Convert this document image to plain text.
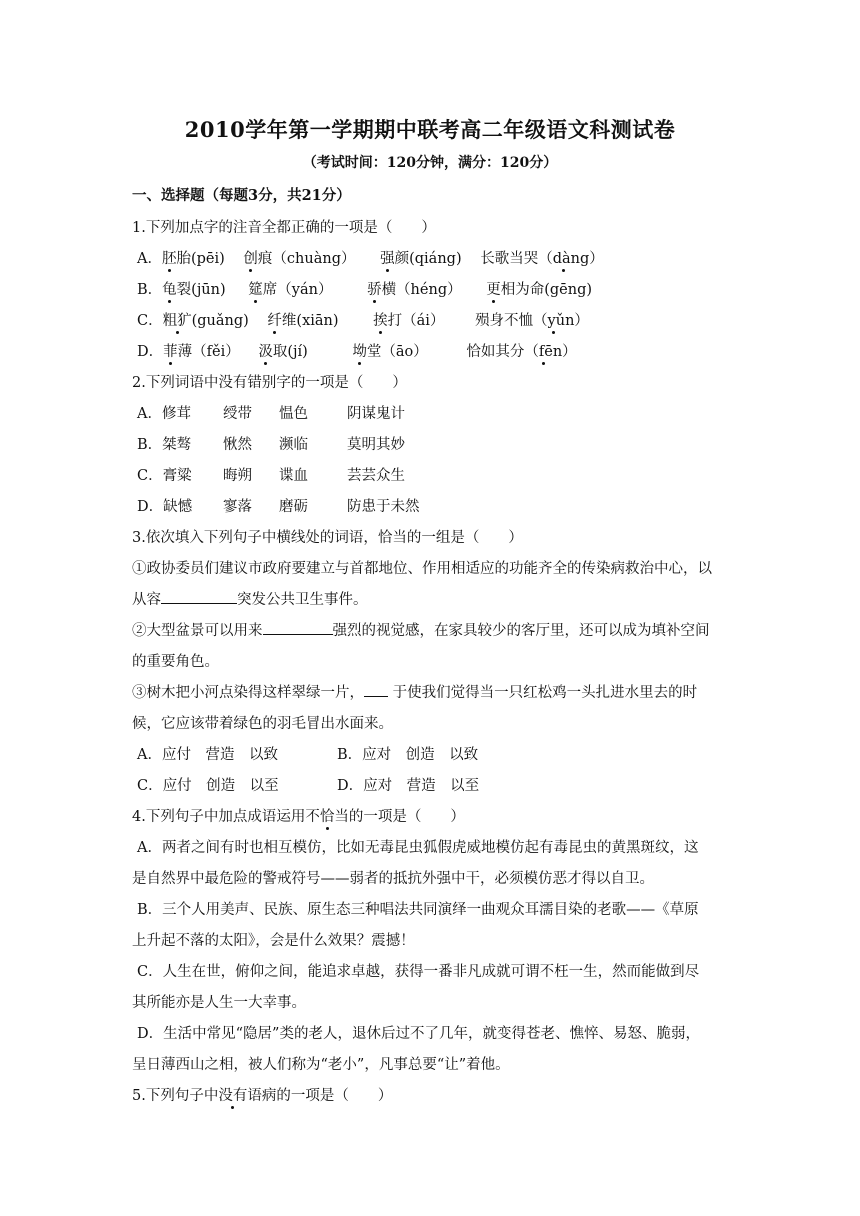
2010学年第一学期期中联考高二年级语文科测试卷
（考试时间：120分钟，满分：120分）
一、选择题（每题3分，共21分）
1.下列加点字的注音全都正确的一项是（　　）
A．胚胎(pēi) 创痕（chuàng） 强颜(qiáng) 长歌当哭（dàng）
B．龟裂(jūn) 筵席（yán） 骄横（héng） 更相为命(gēng)
C．粗犷(guǎng) 纤维(xiān) 挨打（ái） 殒身不恤（yǔn）
D．菲薄（fěi） 汲取(jí)	坳堂（āo）	恰如其分（fēn）
2.下列词语中没有错别字的一项是（　　）
A．修茸 绶带 愠色	阴谋鬼计
B．桀骜 愀然 濒临	莫明其妙
C．膏粱 晦朔 谍血	芸芸众生
D．缺憾 寥落 磨砺	防患于未然
3.依次填入下列句子中横线处的词语，恰当的一组是（　　）
①政协委员们建议市政府要建立与首都地位、作用相适应的功能齐全的传染病救治中心，以
从容	突发公共卫生事件。
②大型盆景可以用来	强烈的视觉感，在家具较少的客厅里，还可以成为填补空间
的重要角色。
③树木把小河点染得这样翠绿一片， 于使我们觉得当一只红松鸡一头扎进水里去的时
候，它应该带着绿色的羽毛冒出水面来。
A．应付　营造　以致	B．应对　创造　以致
C．应付　创造　以至	D．应对　营造　以至
4.下列句子中加点成语运用不恰当的一项是（　　）
A．两者之间有时也相互模仿，比如无毒昆虫狐假虎威地模仿起有毒昆虫的黄黑斑纹，这
是自然界中最危险的警戒符号——弱者的抵抗外强中干，必须模仿恶才得以自卫。
B．三个人用美声、民族、原生态三种唱法共同演绎一曲观众耳濡目染的老歌——《草原
上升起不落的太阳》，会是什么效果？震撼！
C．人生在世，俯仰之间，能追求卓越，获得一番非凡成就可谓不枉一生，然而能做到尽
其所能亦是人生一大幸事。
D．生活中常见“隐居”类的老人，退休后过不了几年，就变得苍老、憔悴、易怒、脆弱，
呈日薄西山之相，被人们称为“老小”，凡事总要“让”着他。
5.下列句子中没有语病的一项是（　　）
